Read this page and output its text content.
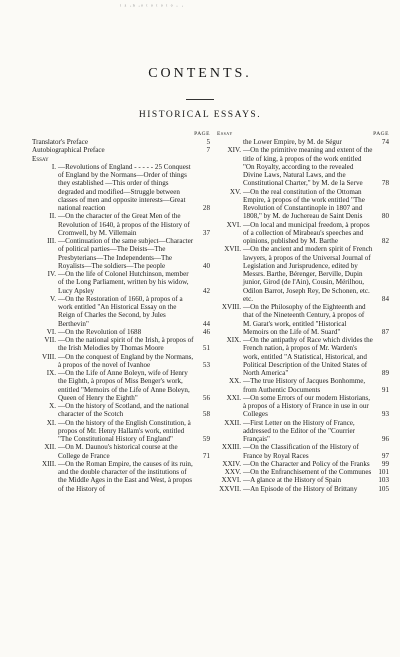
ᵗ ᵃ ·ⁿ ·ᵒ ᵗ ᵒ ᵗ ᵒ ᵗ ᵒ · ·
CONTENTS.
HISTORICAL ESSAYS.
PAGE
Translator's Preface	5
Autobiographical Preface	7
Essay
I. —Revolutions of England - - - - - 25 Conquest of England by the Normans—Order of things they established —This order of things degraded and modified—Struggle between classes of men and opposite interests—Great national reaction	28
II. —On the character of the Great Men of the Revolution of 1640, à propos of the History of Cromwell, by M. Villemain	37
III. —Continuation of the same subject—Character of political parties—The Deists—The Presbyterians—The Independents—The Royalists—The soldiers—The people	40
IV. —On the life of Colonel Hutchinson, member of the Long Parliament, written by his widow, Lucy Apsley	42
V. —On the Restoration of 1660, à propos of a work entitled "An Historical Essay on the Reign of Charles the Second, by Jules Berthevin"	44
VI. —On the Revolution of 1688	46
VII. —On the national spirit of the Irish, à propos of the Irish Melodies by Thomas Moore	51
VIII. —On the conquest of England by the Normans, à propos of the novel of Ivanhoe	53
IX. —On the Life of Anne Boleyn, wife of Henry the Eighth, à propos of Miss Benger's work, entitled "Memoirs of the Life of Anne Boleyn, Queen of Henry the Eighth"	56
X. —On the history of Scotland, and the national character of the Scotch	58
XI. —On the history of the English Constitution, à propos of Mr. Henry Hallam's work, entitled "The Constitutional History of England"	59
XII. —On M. Daunou's historical course at the College de France	71
XIII. —On the Roman Empire, the causes of its ruin, and the double character of the institutions of the Middle Ages in the East and West, à propos of the History of
Essay	PAGE
the Lower Empire, by M. de Ségur	74
XIV. —On the primitive meaning and extent of the title of king, à propos of the work entitled "On Royalty, according to the revealed Divine Laws, Natural Laws, and the Constitutional Charter," by M. de la Serve	78
XV. —On the real constitution of the Ottoman Empire, à propos of the work entitled "The Revolution of Constantinople in 1807 and 1808," by M. de Juchereau de Saint Denis	80
XVI. —On local and municipal freedom, à propos of a collection of Mirabeau's speeches and opinions, published by M. Barthe	82
XVII. —On the ancient and modern spirit of French lawyers, à propos of the Universal Journal of Legislation and Jurisprudence, edited by Messrs. Barthe, Bérenger, Berville, Dupin junior, Girod (de l'Ain), Cousin, Mérilhou, Odilon Barrot, Joseph Rey, De Schonen, etc. etc.	84
XVIII. —On the Philosophy of the Eighteenth and that of the Nineteenth Century, à propos of M. Garat's work, entitled "Historical Memoirs on the Life of M. Suard"	87
XIX. —On the antipathy of Race which divides the French nation, à propos of Mr. Warden's work, entitled "A Statistical, Historical, and Political Description of the United States of North America"	89
XX. —The true History of Jacques Bonhomme, from Authentic Documents	91
XXI. —On some Errors of our modern Historians, à propos of a History of France in use in our Colleges	93
XXII. —First Letter on the History of France, addressed to the Editor of the "Courrier Français"	96
XXIII. —On the Classification of the History of France by Royal Races	97
XXIV. —On the Character and Policy of the Franks	99
XXV. —On the Enfranchisement of the Communes	101
XXVI. —A glance at the History of Spain	103
XXVII. —An Episode of the History of Brittany	105
